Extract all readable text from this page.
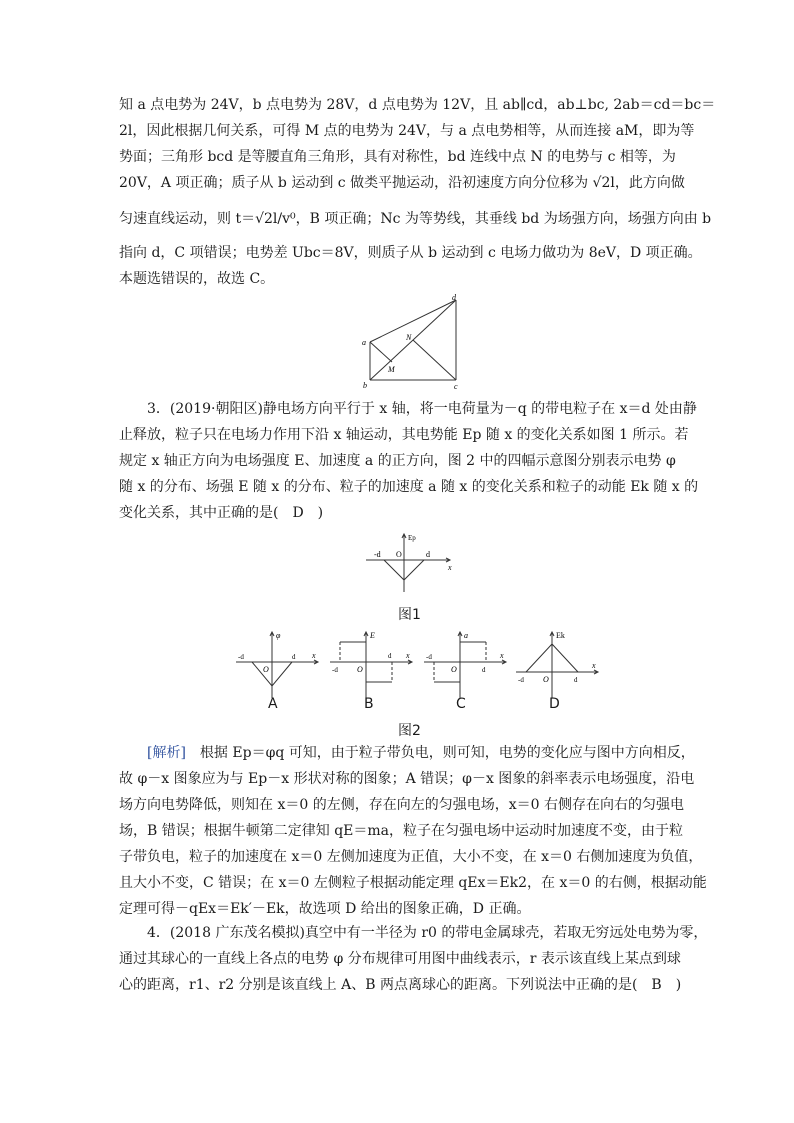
知 a 点电势为 24V，b 点电势为 28V，d 点电势为 12V，且 ab∥cd，ab⊥bc, 2ab＝cd＝bc＝
2l，因此根据几何关系，可得 M 点的电势为 24V，与 a 点电势相等，从而连接 aM，即为等
势面；三角形 bcd 是等腰直角三角形，具有对称性，bd 连线中点 N 的电势与 c 相等，为
20V，A 项正确；质子从 b 运动到 c 做类平抛运动，沿初速度方向分位移为 √2l，此方向做
匀速直线运动，则 t＝√2l/v⁰，B 项正确；Nc 为等势线，其垂线 bd 为场强方向，场强方向由 b
指向 d，C 项错误；电势差 Ubc＝8V，则质子从 b 运动到 c 电场力做功为 8eV，D 项正确。
本题选错误的，故选 C。
a
b	c
d
M
N
3．(2019·朝阳区)静电场方向平行于 x 轴，将一电荷量为－q 的带电粒子在 x＝d 处由静
止释放，粒子只在电场力作用下沿 x 轴运动，其电势能 Ep 随 x 的变化关系如图 1 所示。若
规定 x 轴正方向为电场强度 E、加速度 a 的正方向，图 2 中的四幅示意图分别表示电势 φ
随 x 的分布、场强 E 随 x 的分布、粒子的加速度 a 随 x 的变化关系和粒子的动能 Ek 随 x 的
变化关系，其中正确的是(　D　)
Ep
x
-d O	d
图1
φ
x
-d
O
d
A
E
x
-d O
d
B
a
x
-d
O	d
C
Ek
x
-d O	d
D
图2
[解析]　根据 Ep＝φq 可知，由于粒子带负电，则可知，电势的变化应与图中方向相反，
故 φ－x 图象应为与 Ep－x 形状对称的图象；A 错误；φ－x 图象的斜率表示电场强度，沿电
场方向电势降低，则知在 x＝0 的左侧，存在向左的匀强电场，x＝0 右侧存在向右的匀强电
场，B 错误；根据牛顿第二定律知 qE＝ma，粒子在匀强电场中运动时加速度不变，由于粒
子带负电，粒子的加速度在 x＝0 左侧加速度为正值，大小不变，在 x＝0 右侧加速度为负值，
且大小不变，C 错误；在 x＝0 左侧粒子根据动能定理 qEx＝Ek2，在 x＝0 的右侧，根据动能
定理可得－qEx＝Ek′－Ek，故选项 D 给出的图象正确，D 正确。
4．(2018 广东茂名模拟)真空中有一半径为 r0 的带电金属球壳，若取无穷远处电势为零，
通过其球心的一直线上各点的电势 φ 分布规律可用图中曲线表示，r 表示该直线上某点到球
心的距离，r1、r2 分别是该直线上 A、B 两点离球心的距离。下列说法中正确的是(　B　)
